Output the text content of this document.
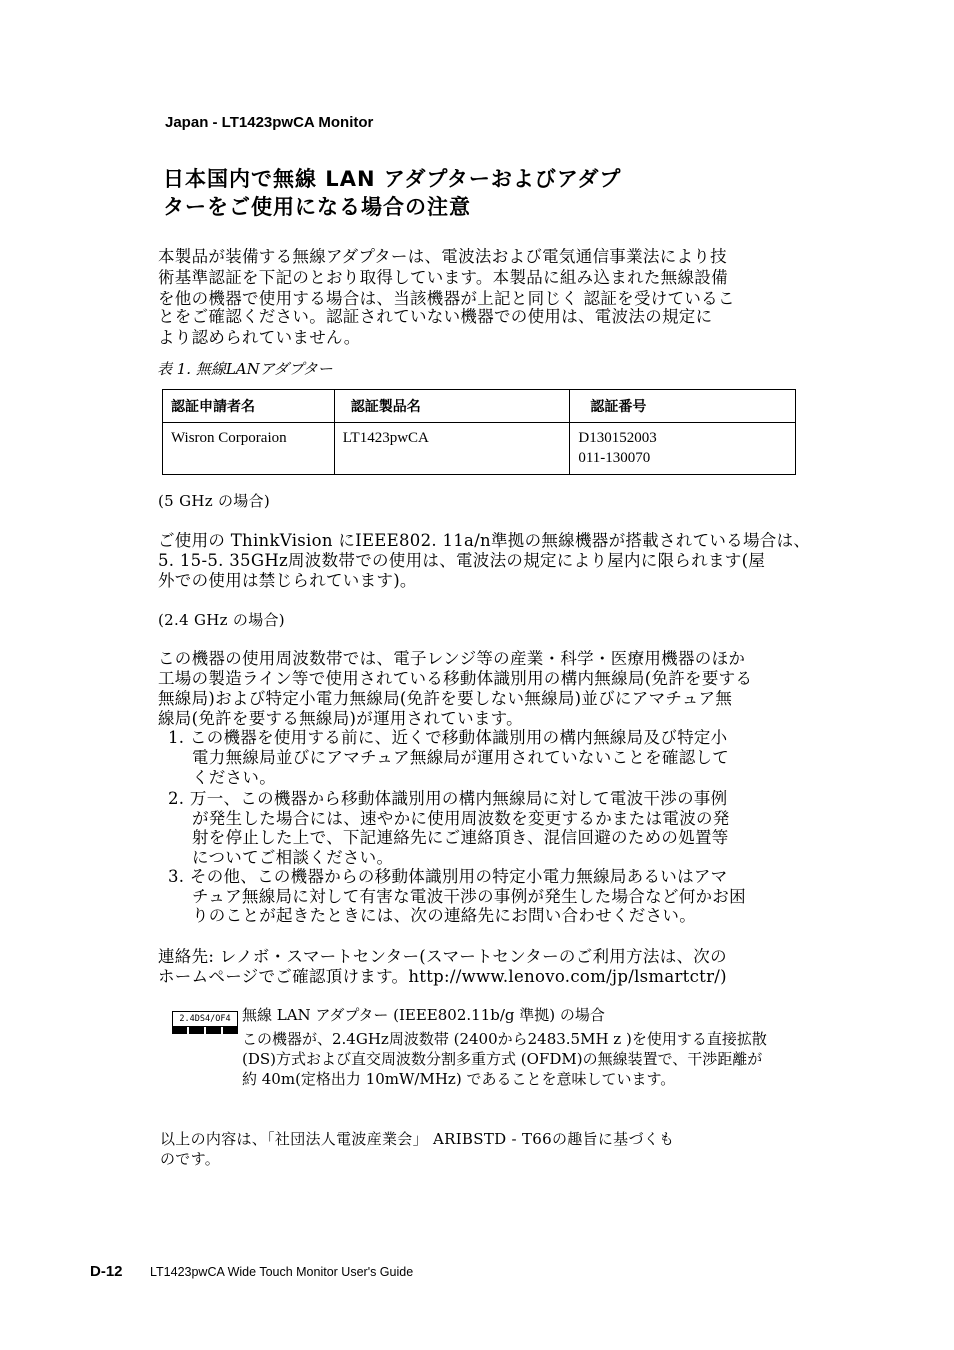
Japan ‐ LT1423pwCA Monitor
日本国内で無線 LAN アダプターおよびアダプ
ターをご使用になる場合の注意
本製品が装備する無線アダプターは、電波法および電気通信事業法により技
術基準認証を下記のとおり取得しています。本製品に組み込まれた無線設備
を他の機器で使用する場合は、当該機器が上記と同じく 認証を受けているこ
とをご確認ください。認証されていない機器での使用は、電波法の規定に
より認められていません。
表 1. 無線LANアダプター
認証申請者名	認証製品名	認証番号
Wisron Corporaion	LT1423pwCA	D130152003
011-130070
(5 GHz の場合)
ご使用の ThinkVision にIEEE802. 11a/n準拠の無線機器が搭載されている場合は、
5. 15-5. 35GHz周波数帯での使用は、電波法の規定により屋内に限られます(屋
外での使用は禁じられています)。
(2.4 GHz の場合)
この機器の使用周波数帯では、電子レンジ等の産業・科学・医療用機器のほか
工場の製造ライン等で使用されている移動体識別用の構内無線局(免許を要する
無線局)および特定小電力無線局(免許を要しない無線局)並びにアマチュア無
線局(免許を要する無線局)が運用されています。
1. この機器を使用する前に、近くで移動体識別用の構内無線局及び特定小
電力無線局並びにアマチュア無線局が運用されていないことを確認して
ください。
2. 万一、この機器から移動体識別用の構内無線局に対して電波干渉の事例
が発生した場合には、速やかに使用周波数を変更するかまたは電波の発
射を停止した上で、下記連絡先にご連絡頂き、混信回避のための処置等
についてご相談ください。
3. その他、この機器からの移動体識別用の特定小電力無線局あるいはアマ
チュア無線局に対して有害な電波干渉の事例が発生した場合など何かお困
りのことが起きたときには、次の連絡先にお問い合わせください。
連絡先: レノボ・スマートセンター(スマートセンターのご利用方法は、次の
ホームページでご確認頂けます。http://www.lenovo.com/jp/lsmartctr/)
2.4DS4/OF4 無線 LAN アダプター (IEEE802.11b/g 準拠) の場合
この機器が、2.4GHz周波数帯 (2400から2483.5MH z )を使用する直接拡散
(DS)方式および直交周波数分割多重方式 (OFDM)の無線装置で、干渉距離が
約 40m(定格出力 10mW/MHz) であることを意味しています。
以上の内容は、「社団法人電波産業会」 ARIBSTD - T66の趣旨に基づくも
のです。
D-12 LT1423pwCA Wide Touch Monitor User's Guide
